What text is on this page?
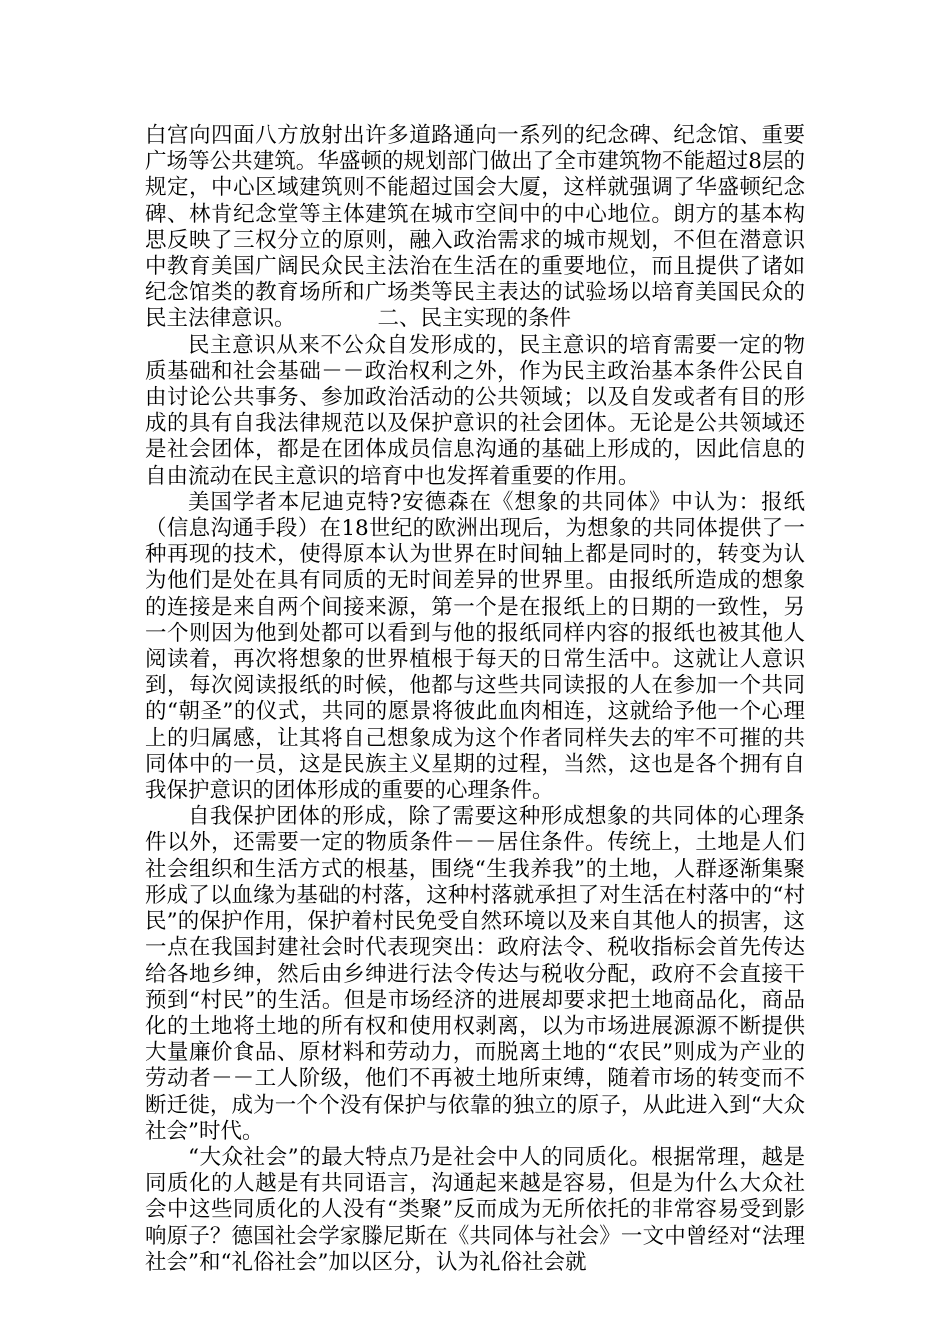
白宫向四面八方放射出许多道路通向一系列的纪念碑、纪念馆、重要广场等公共建筑。华盛顿的规划部门做出了全市建筑物不能超过8层的规定，中心区域建筑则不能超过国会大厦，这样就强调了华盛顿纪念碑、林肯纪念堂等主体建筑在城市空间中的中心地位。朗方的基本构思反映了三权分立的原则，融入政治需求的城市规划，不但在潜意识中教育美国广阔民众民主法治在生活在的重要地位，而且提供了诸如纪念馆类的教育场所和广场类等民主表达的试验场以培育美国民众的民主法律意识。	二、民主实现的条件

民主意识从来不公众自发形成的，民主意识的培育需要一定的物质基础和社会基础－－政治权利之外，作为民主政治基本条件公民自由讨论公共事务、参加政治活动的公共领域；以及自发或者有目的形成的具有自我法律规范以及保护意识的社会团体。无论是公共领域还是社会团体，都是在团体成员信息沟通的基础上形成的，因此信息的自由流动在民主意识的培育中也发挥着重要的作用。

美国学者本尼迪克特?安德森在《想象的共同体》中认为：报纸（信息沟通手段）在18世纪的欧洲出现后，为想象的共同体提供了一种再现的技术，使得原本认为世界在时间轴上都是同时的，转变为认为他们是处在具有同质的无时间差异的世界里。由报纸所造成的想象的连接是来自两个间接来源，第一个是在报纸上的日期的一致性，另一个则因为他到处都可以看到与他的报纸同样内容的报纸也被其他人阅读着，再次将想象的世界植根于每天的日常生活中。这就让人意识到，每次阅读报纸的时候，他都与这些共同读报的人在参加一个共同的“朝圣”的仪式，共同的愿景将彼此血肉相连，这就给予他一个心理上的归属感，让其将自己想象成为这个作者同样失去的牢不可摧的共同体中的一员，这是民族主义星期的过程，当然，这也是各个拥有自我保护意识的团体形成的重要的心理条件。

自我保护团体的形成，除了需要这种形成想象的共同体的心理条件以外，还需要一定的物质条件－－居住条件。传统上，土地是人们社会组织和生活方式的根基，围绕“生我养我”的土地，人群逐渐集聚形成了以血缘为基础的村落，这种村落就承担了对生活在村落中的“村民”的保护作用，保护着村民免受自然环境以及来自其他人的损害，这一点在我国封建社会时代表现突出：政府法令、税收指标会首先传达给各地乡绅，然后由乡绅进行法令传达与税收分配，政府不会直接干预到“村民”的生活。但是市场经济的进展却要求把土地商品化，商品化的土地将土地的所有权和使用权剥离，以为市场进展源源不断提供大量廉价食品、原材料和劳动力，而脱离土地的“农民”则成为产业的劳动者－－工人阶级，他们不再被土地所束缚，随着市场的转变而不断迁徙，成为一个个没有保护与依靠的独立的原子，从此进入到“大众社会”时代。

“大众社会”的最大特点乃是社会中人的同质化。根据常理，越是同质化的人越是有共同语言，沟通起来越是容易，但是为什么大众社会中这些同质化的人没有“类聚”反而成为无所依托的非常容易受到影响原子？德国社会学家滕尼斯在《共同体与社会》一文中曾经对“法理社会”和“礼俗社会”加以区分，认为礼俗社会就
